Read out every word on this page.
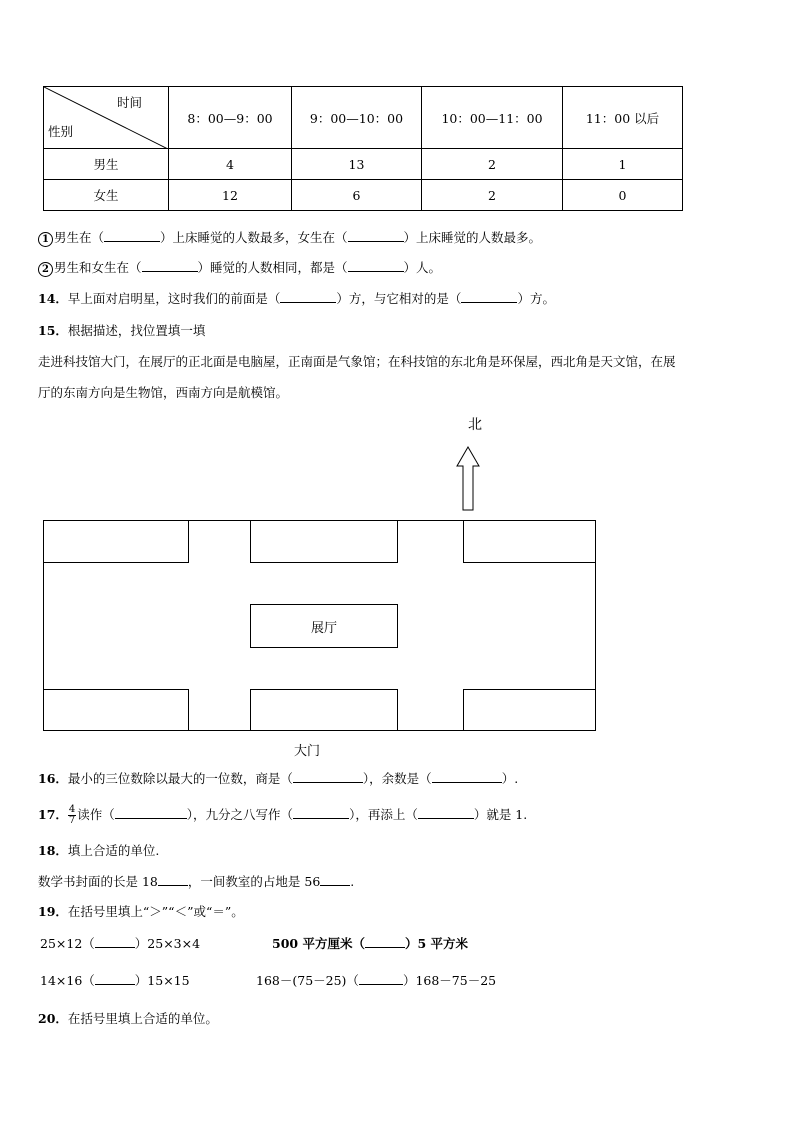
时间
性别	8：00—9：00	9：00—10：00	10：00—11：00	11：00 以后
男生	4	13	2	1
女生	12	6	2	0
1 男生在（	）上床睡觉的人数最多，女生在（	）上床睡觉的人数最多。
2 男生和女生在（	）睡觉的人数相同，都是（	）人。
14．早上面对启明星，这时我们的前面是（	）方，与它相对的是（	）方。
15．根据描述，找位置填一填
走进科技馆大门，在展厅的正北面是电脑屋，正南面是气象馆；在科技馆的东北角是环保屋，西北角是天文馆，在展
厅的东南方向是生物馆，西南方向是航模馆。
北
展厅
大门
16．最小的三位数除以最大的一位数，商是（	），余数是（	）.
17． $\frac{4}{7}$ 读作（	），九分之八写作（	），再添上（	）就是 1.
18．填上合适的单位.
数学书封面的长是 18 ，一间教室的占地是 56 .
19．在括号里填上“＞”“＜”或“＝”。
25×12（	）25×3×4	500 平方厘米（	）5 平方米
14×16（	）15×15	168－(75－25)（	）168－75－25
20．在括号里填上合适的单位。
